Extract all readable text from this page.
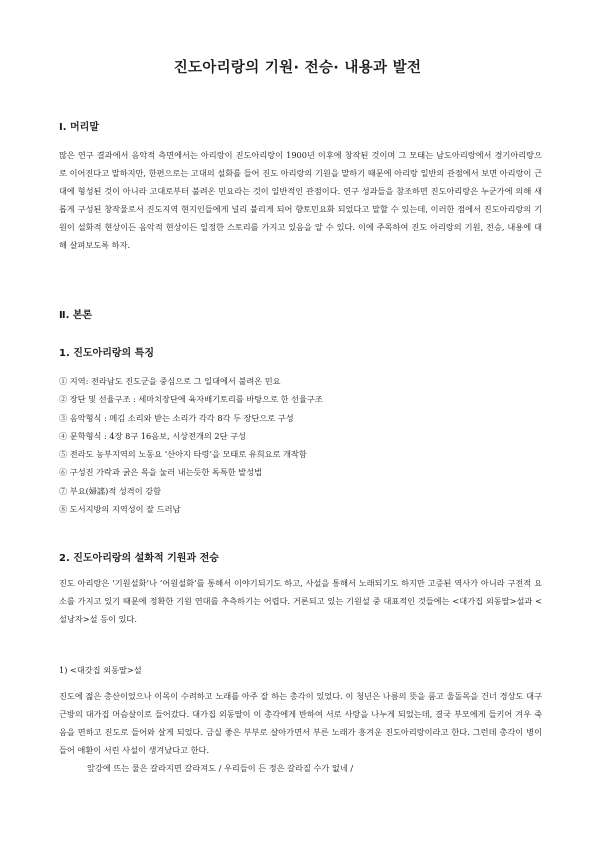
진도아리랑의 기원· 전승· 내용과 발전
Ⅰ. 머리말

많은 연구 결과에서 음악적 측면에서는 아리랑이 진도아리랑이 1900년 이후에 창작된 것이며 그 모태는 남도아리랑에서 경기아리랑으로 이어진다고 말하지만, 한편으로는 고대의 설화를 들어 진도 아리랑의 기원을 말하기 때문에 아리랑 일반의 관점에서 보면 아리랑이 근대에 형성된 것이 아니라 고대로부터 불려온 민요라는 것이 일반적인 관점이다. 연구 성과들을 참조하면 진도아리랑은 누군가에 의해 새롭게 구성된 창작물로서 진도지역 현지인들에게 널리 불리게 되어 향토민요화 되었다고 말할 수 있는데, 이러한 점에서 진도아리랑의 기원이 설화적 현상이든 음악적 현상이든 일정한 스토리를 가지고 있음을 알 수 있다. 이에 주목하여 진도 아리랑의 기원, 전승, 내용에 대해 살펴보도록 하자.

Ⅱ. 본론
1. 진도아리랑의 특징
① 지역: 전라남도 진도군을 중심으로 그 일대에서 불려온 민요
② 장단 및 선율구조 : 세마치장단에 육자배기토리를 바탕으로 한 선율구조
③ 음악형식 : 메김 소리와 받는 소리가 각각 8각 두 장단으로 구성
④ 문학형식 : 4장 8구 16음보, 시상전개의 2단 구성
⑤ 전라도 농부지역의 노동요 ‘산아지 타령’을 모태로 유희요로 개작함
⑥ 구성진 가락과 굵은 목을 눌러 내는듯한 독특한 발성법
⑦ 부요(婦謠)적 성격이 강함
⑧ 도서지방의 지역성이 잘 드러남
2. 진도아리랑의 설화적 기원과 전승

진도 아리랑은 ‘기원설화’나 ‘어원설화’를 통해서 이야기되기도 하고, 사설을 통해서 노래되기도 하지만 고증된 역사가 아니라 구전적 요소를 가지고 있기 때문에 정확한 기원 연대를 추측하기는 어렵다. 거론되고 있는 기원설 중 대표적인 것들에는 <대가집 외동딸>설과 <설낭자>설 등이 있다.

1) <대갓집 외동딸>설

진도에 젊은 총산이었으나 이목이 수려하고 노래를 아주 잘 하는 총각이 있었다. 이 청년은 나름의 뜻을 품고 울돌목을 건너 경상도 대구 근방의 대가집 머슴살이로 들어갔다. 대가집 외동딸이 이 총각에게 반하여 서로 사랑을 나누게 되었는데, 결국 부모에게 들키어 겨우 죽음을 면하고 진도로 들어와 살게 되었다. 금실 좋은 부부로 살아가면서 부른 노래가 흥겨운 진도아리랑이라고 한다. 그런데 총각이 병이 들어 애환이 서린 사설이 생겨났다고 한다.

앞강에 뜨는 물은 갈라지면 갈라져도 / 우리들이 든 정은 갈라질 수가 없네 /
